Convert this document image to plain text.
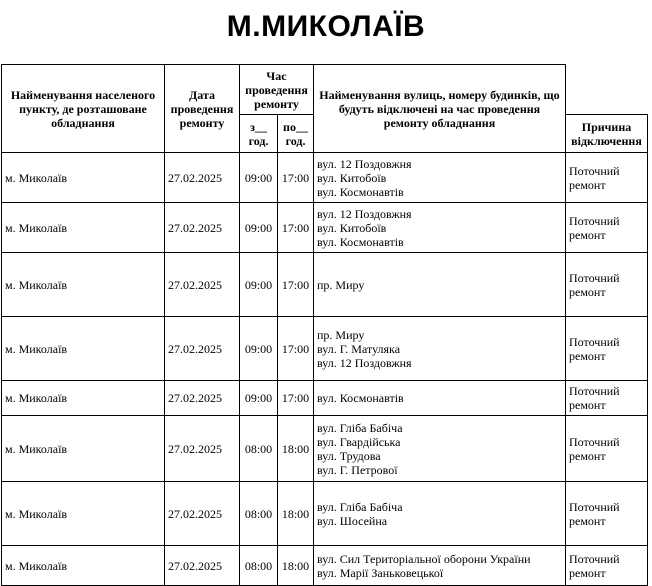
М.МИКОЛАЇВ
Найменування населеного пункту, де розташоване обладнання	Дата проведення ремонту	Час проведення ремонту		Найменування вулиць, номеру будинків, що будуть відключені на час проведення ремонту обладнання	
		з__ год.	по__ год.		Причина відключення
м. Миколаїв	27.02.2025	09:00	17:00	вул. 12 Поздовжня
вул. Китобоїв
вул. Космонавтів	Поточний ремонт
м. Миколаїв	27.02.2025	09:00	17:00	вул. 12 Поздовжня
вул. Китобоїв
вул. Космонавтів	Поточний ремонт
м. Миколаїв	27.02.2025	09:00	17:00	пр. Миру	Поточний ремонт
м. Миколаїв	27.02.2025	09:00	17:00	пр. Миру
вул. Г. Матуляка
вул. 12 Поздовжня	Поточний ремонт
м. Миколаїв	27.02.2025	09:00	17:00	вул. Космонавтів	Поточний ремонт
м. Миколаїв	27.02.2025	08:00	18:00	вул. Гліба Бабіча
вул. Гвардійська
вул. Трудова
вул. Г. Петрової	Поточний ремонт
м. Миколаїв	27.02.2025	08:00	18:00	вул. Гліба Бабіча
вул. Шосейна	Поточний ремонт
м. Миколаїв	27.02.2025	08:00	18:00	вул. Сил Територіальної оборони України
вул. Марії Заньковецької	Поточний ремонт
